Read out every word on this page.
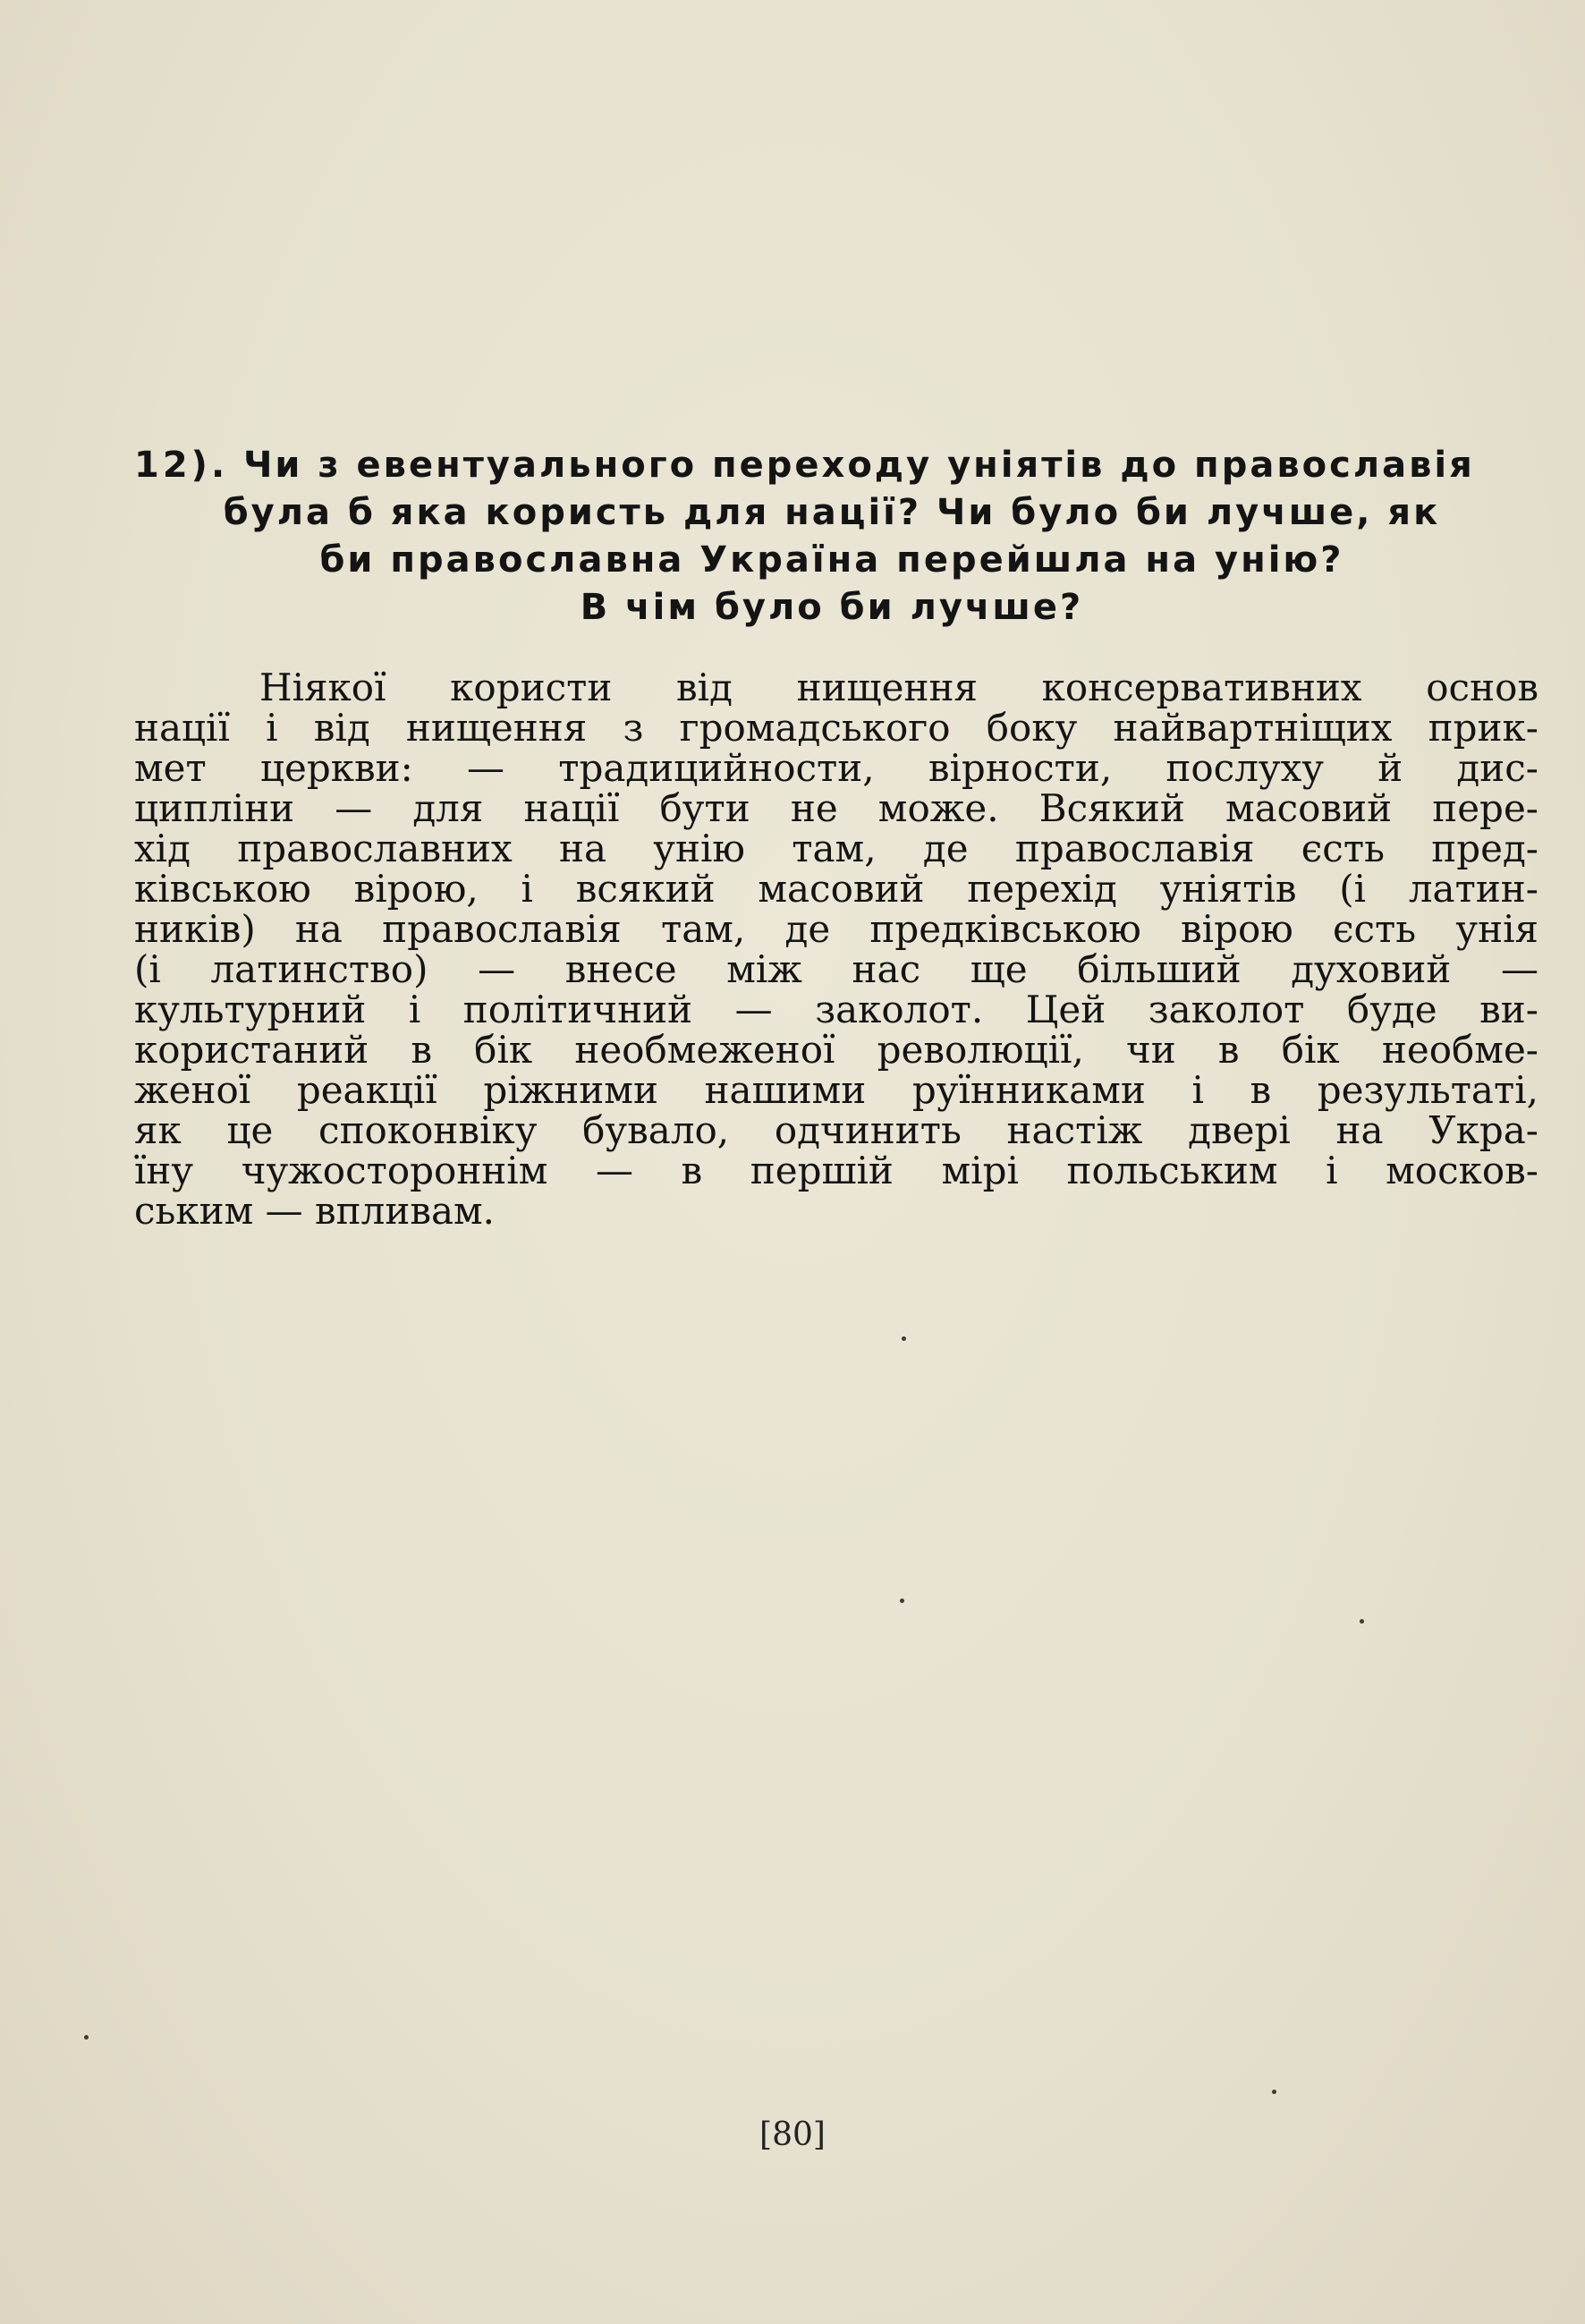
12). Чи з евентуального переходу уніятів до православія
була б яка користь для нації? Чи було би лучше, як
би православна Україна перейшла на унію?
В чім було би лучше?
Ніякої користи від нищення консервативних основ
нації і від нищення з громадського боку найвартніщих прик-
мет церкви: — традицийности, вірности, послуху й дис-
ципліни — для нації бути не може. Всякий масовий пере-
хід православних на унію там, де православія єсть пред-
ківською вірою, і всякий масовий перехід уніятів (і латин-
ників) на православія там, де предківською вірою єсть унія
(і латинство) — внесе між нас ще більший духовий —
культурний і політичний — заколот. Цей заколот буде ви-
користаний в бік необмеженої революції, чи в бік необме-
женої реакції ріжними нашими руїнниками і в результаті,
як це споконвіку бувало, одчинить настіж двері на Укра-
їну чужостороннім — в першій мірі польським і москов-
ським — впливам.
[80]
